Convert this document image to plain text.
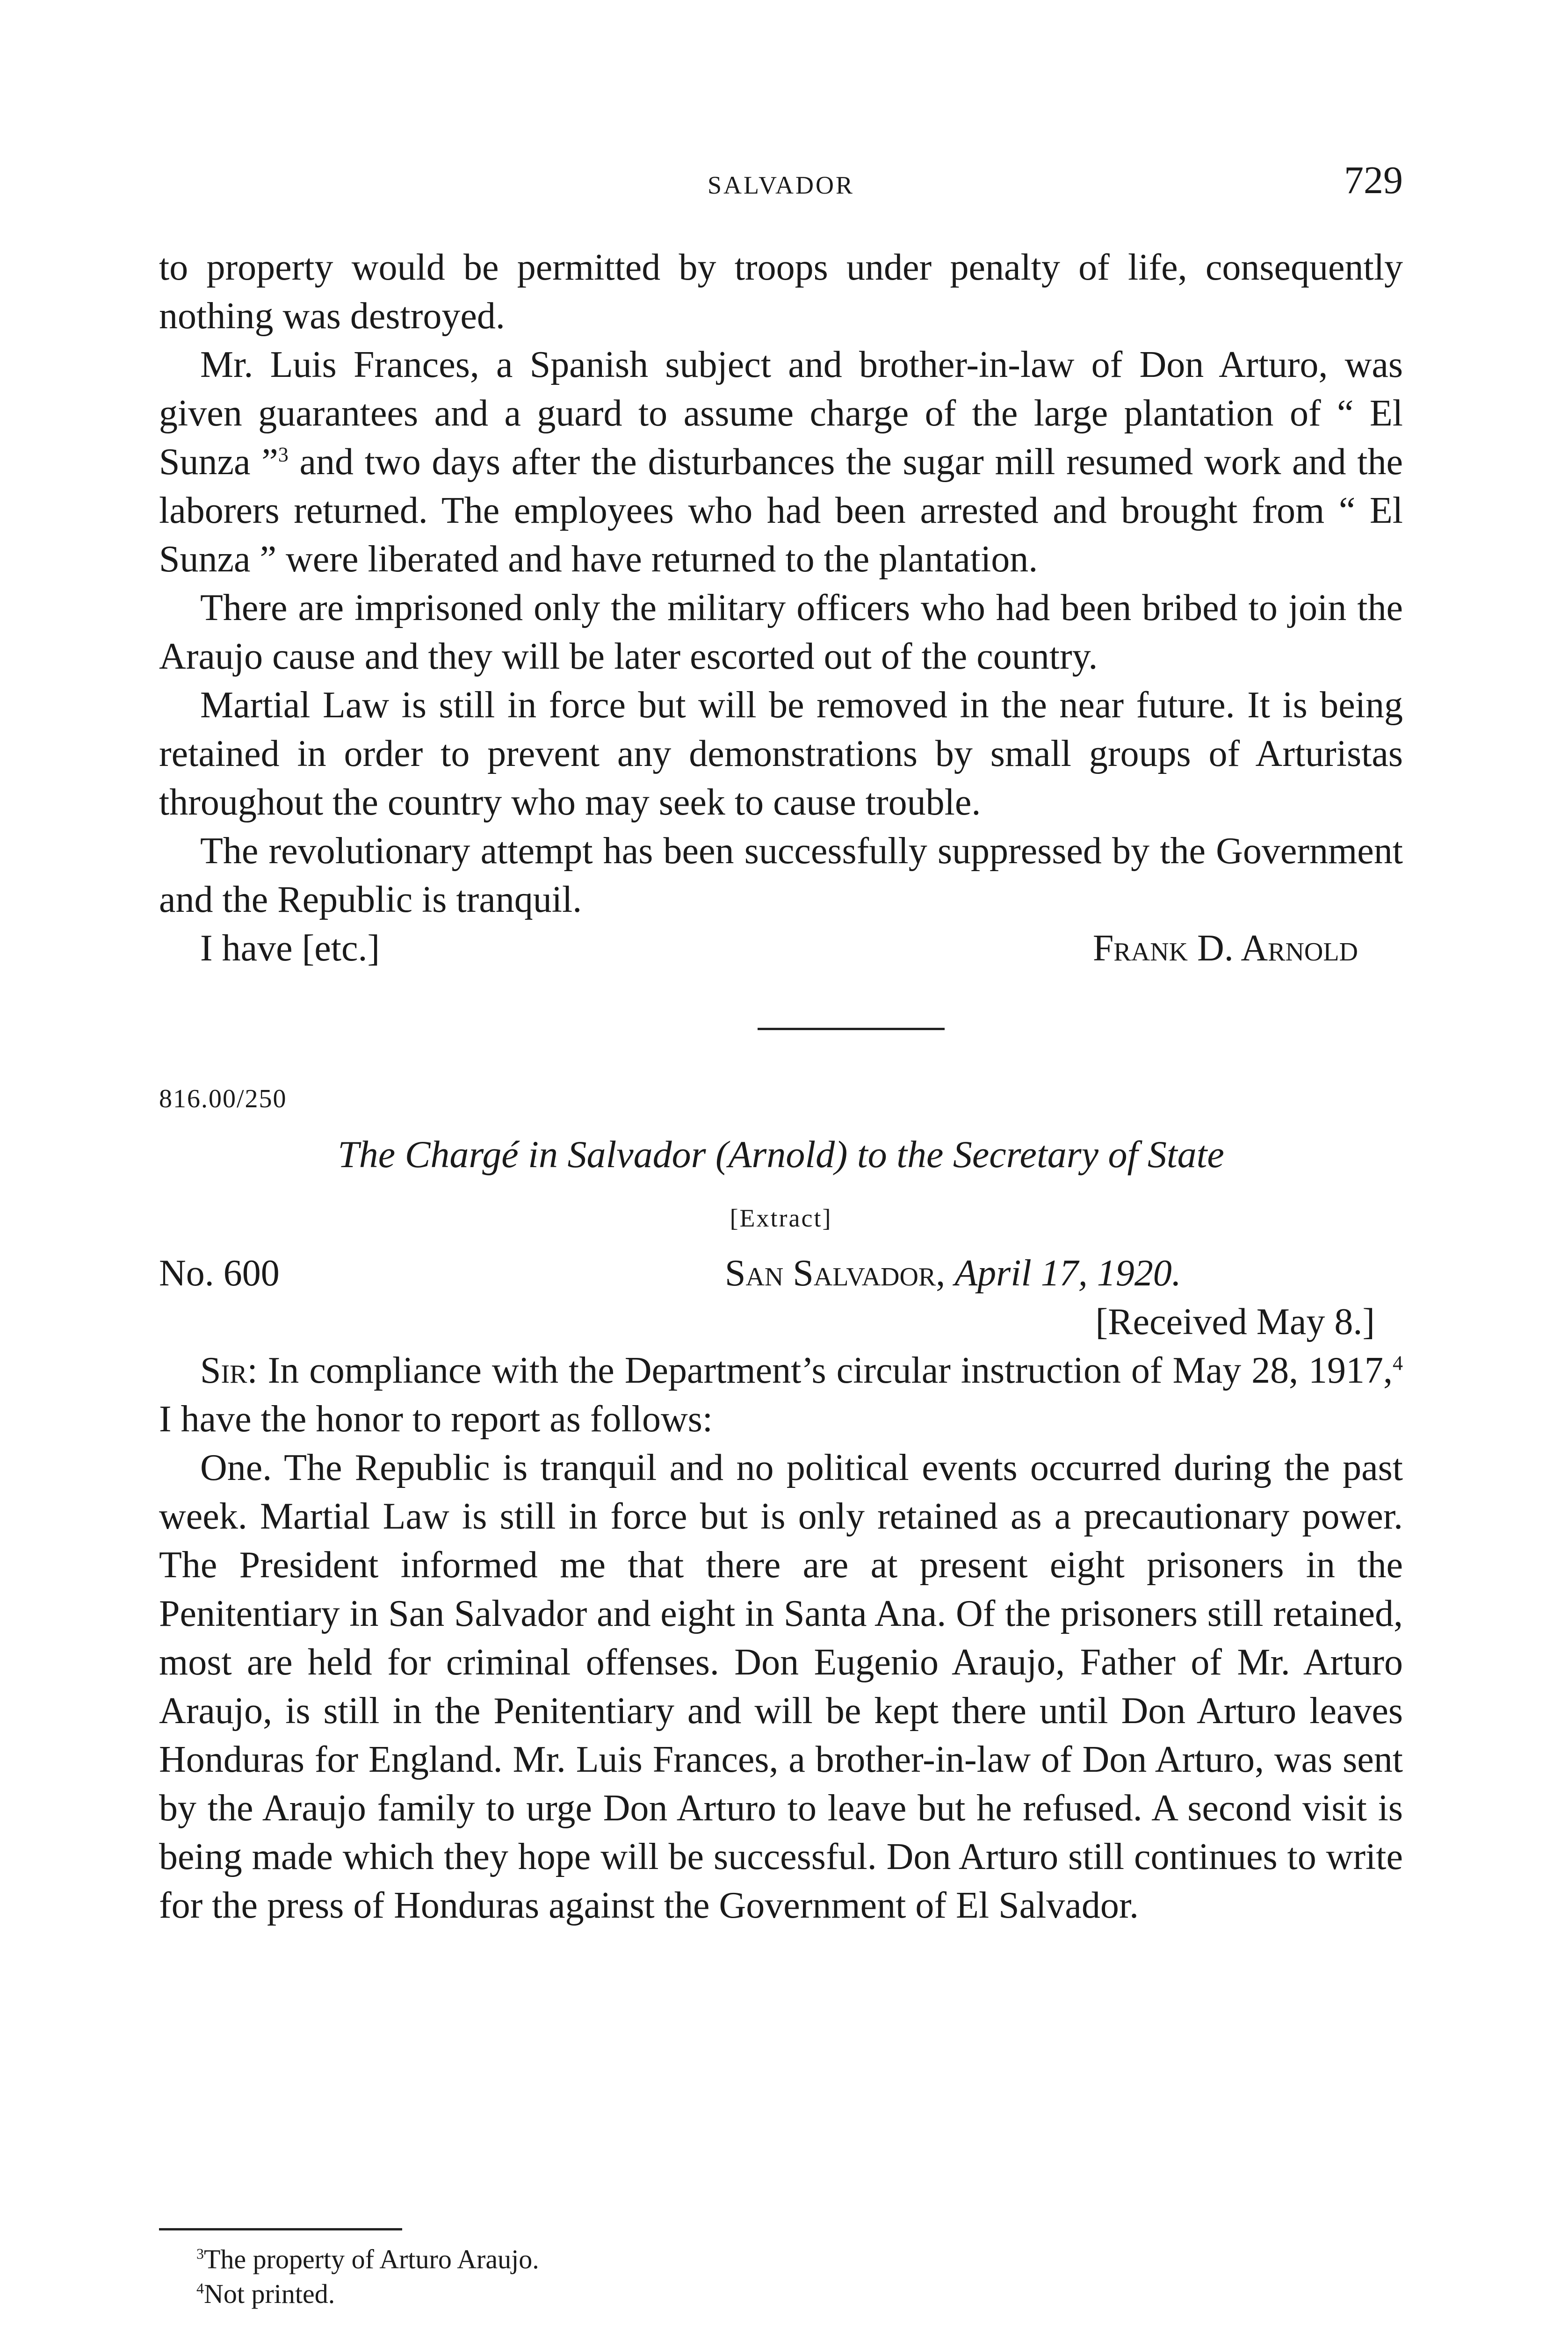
SALVADOR	729

to property would be permitted by troops under penalty of life, consequently nothing was destroyed.

Mr. Luis Frances, a Spanish subject and brother-in-law of Don Arturo, was given guarantees and a guard to assume charge of the large plantation of “ El Sunza ”$^3$ and two days after the disturbances the sugar mill resumed work and the laborers returned. The employees who had been arrested and brought from “ El Sunza ” were liberated and have returned to the plantation.

There are imprisoned only the military officers who had been bribed to join the Araujo cause and they will be later escorted out of the country.

Martial Law is still in force but will be removed in the near future. It is being retained in order to prevent any demonstrations by small groups of Arturistas throughout the country who may seek to cause trouble.

The revolutionary attempt has been successfully suppressed by the Government and the Republic is tranquil.

I have [etc.]	Frank D. Arnold
816.00/250
The Chargé in Salvador (Arnold) to the Secretary of State
[Extract]
No. 600	San Salvador, April 17, 1920.
[Received May 8.]

Sir: In compliance with the Department’s circular instruction of May 28, 1917,$^4$ I have the honor to report as follows:

One. The Republic is tranquil and no political events occurred during the past week. Martial Law is still in force but is only retained as a precautionary power. The President informed me that there are at present eight prisoners in the Penitentiary in San Salvador and eight in Santa Ana. Of the prisoners still retained, most are held for criminal offenses. Don Eugenio Araujo, Father of Mr. Arturo Araujo, is still in the Penitentiary and will be kept there until Don Arturo leaves Honduras for England. Mr. Luis Frances, a brother-in-law of Don Arturo, was sent by the Araujo family to urge Don Arturo to leave but he refused. A second visit is being made which they hope will be successful. Don Arturo still continues to write for the press of Honduras against the Government of El Salvador.

$^3$The property of Arturo Araujo.
$^4$Not printed.
